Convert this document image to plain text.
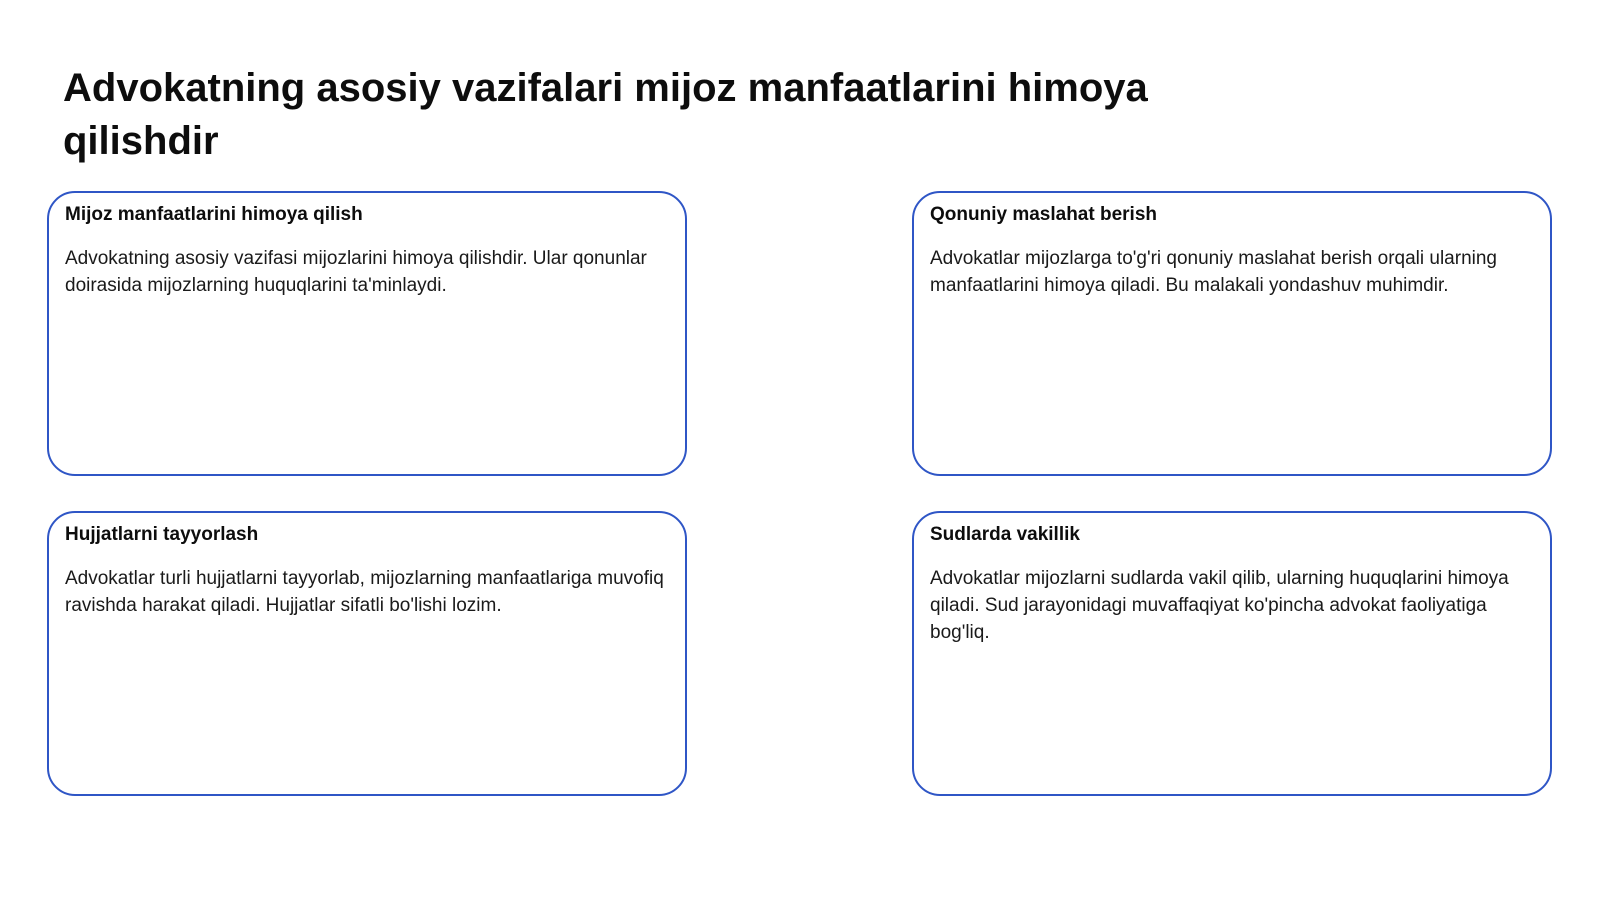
Advokatning asosiy vazifalari mijoz manfaatlarini himoya qilishdir
Mijoz manfaatlarini himoya qilish

Advokatning asosiy vazifasi mijozlarini himoya qilishdir. Ular qonunlar doirasida mijozlarning huquqlarini ta'minlaydi.

Qonuniy maslahat berish

Advokatlar mijozlarga to'g'ri qonuniy maslahat berish orqali ularning manfaatlarini himoya qiladi. Bu malakali yondashuv muhimdir.

Hujjatlarni tayyorlash

Advokatlar turli hujjatlarni tayyorlab, mijozlarning manfaatlariga muvofiq ravishda harakat qiladi. Hujjatlar sifatli bo'lishi lozim.

Sudlarda vakillik

Advokatlar mijozlarni sudlarda vakil qilib, ularning huquqlarini himoya qiladi. Sud jarayonidagi muvaffaqiyat ko'pincha advokat faoliyatiga bog'liq.
